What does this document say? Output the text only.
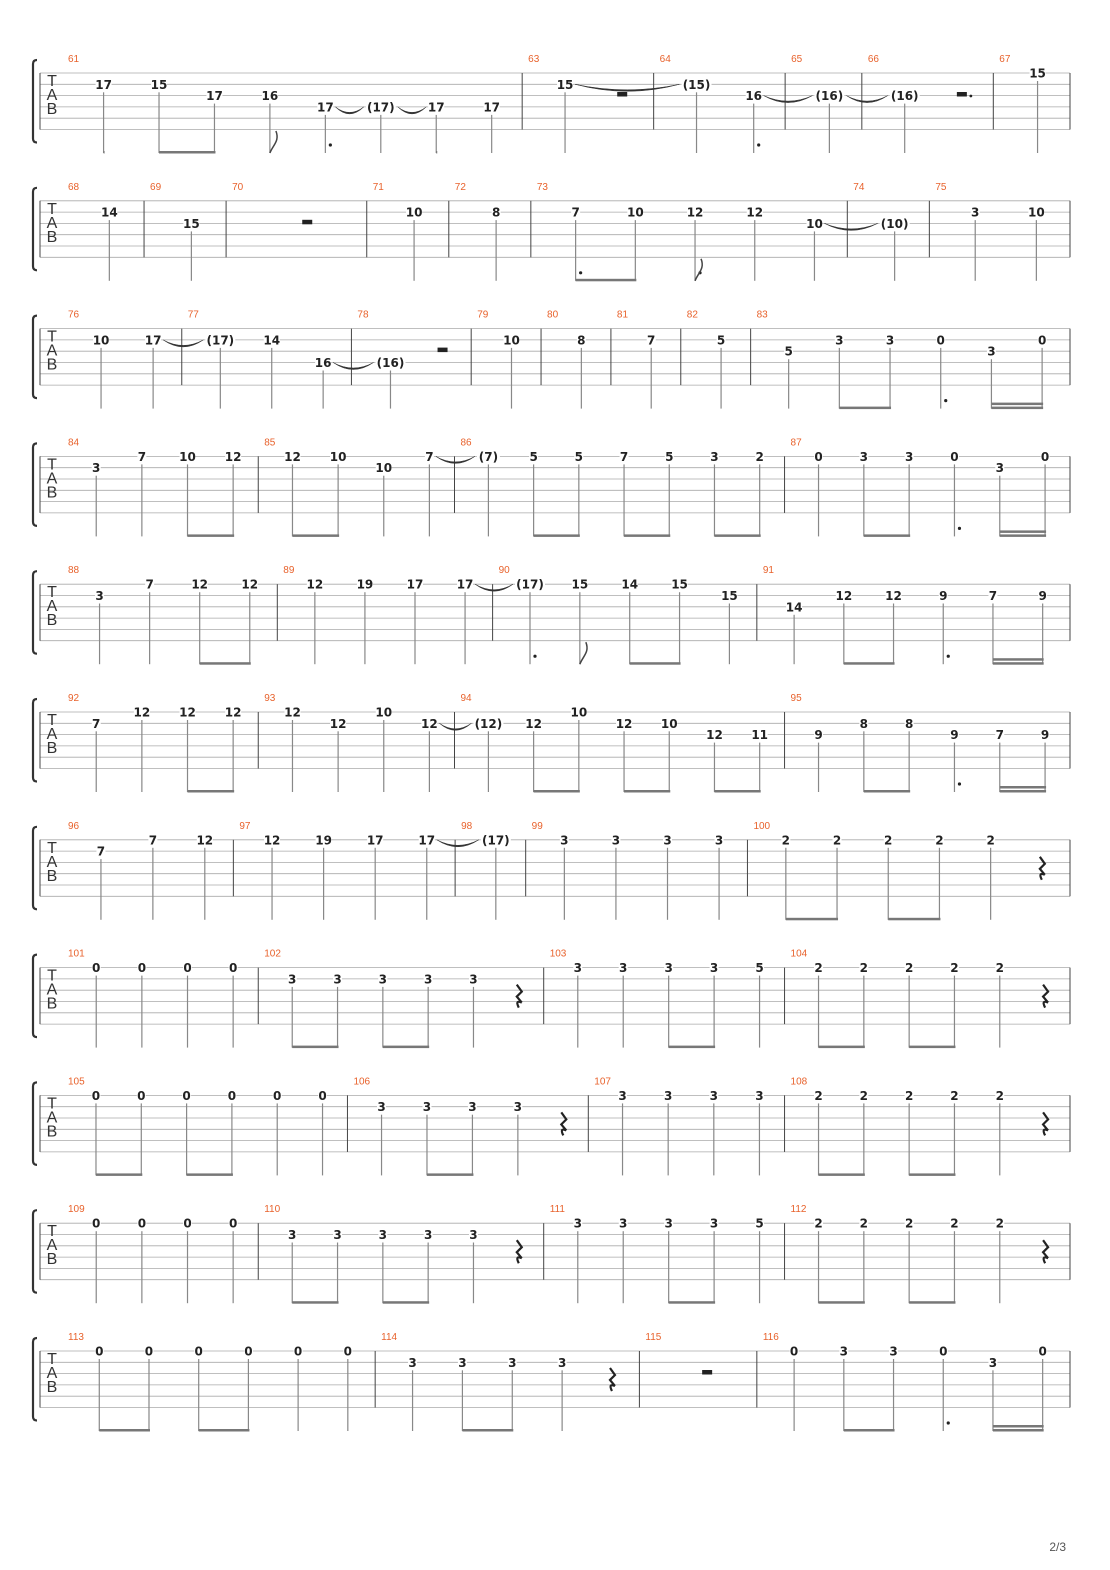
T
A
B
61
17	15
17	16
17	(17)	17	17
63
15
64
(15)
16
65
(16)
66
(16)
67
15
T
A
B
68
14
69
15
70	71
10
72
8
73
7	10	12	12
10
74
(10)
75
3	10
T
A
B
76
10	17
77
(17) 14
16
78
(16)
79
10
80
8
81
7
82
5
83
5
3	3	0
3
0
T
A
B
84
3
7	10 12
85
12 10
10
7
86
(7)	5	5	7	5	3	2
87
0	3	3	0
3
0
T
A
B
88
3
7	12	12
89
12	19	17	17
90
(17) 15	14	15
15
91
14
12	12	9	7	9
T
A
B
92
7
12 12 12
93
12
12
10
12
94
(12) 12
10
12 10
12 11
95
9
8	8
9	7	9
T
A
B
96
7
7	12
97
12	19	17	17
98
(17)
99
3	3	3	3
100
2	2	2	2	2
T
A
B
101
0	0	0	0
102
3	3	3	3	3
103
3	3	3	3	5
104
2	2	2	2	2
T
A
B
105
0	0	0	0	0	0
106
3	3	3	3
107
3	3	3	3
108
2	2	2	2	2
T
A
B
109
0	0	0	0
110
3	3	3	3	3
111
3	3	3	3	5
112
2	2	2	2	2
T
A
B
113
0	0	0	0	0	0
114
3	3	3	3
115	116
0	3	3	0
3
0
2/3
